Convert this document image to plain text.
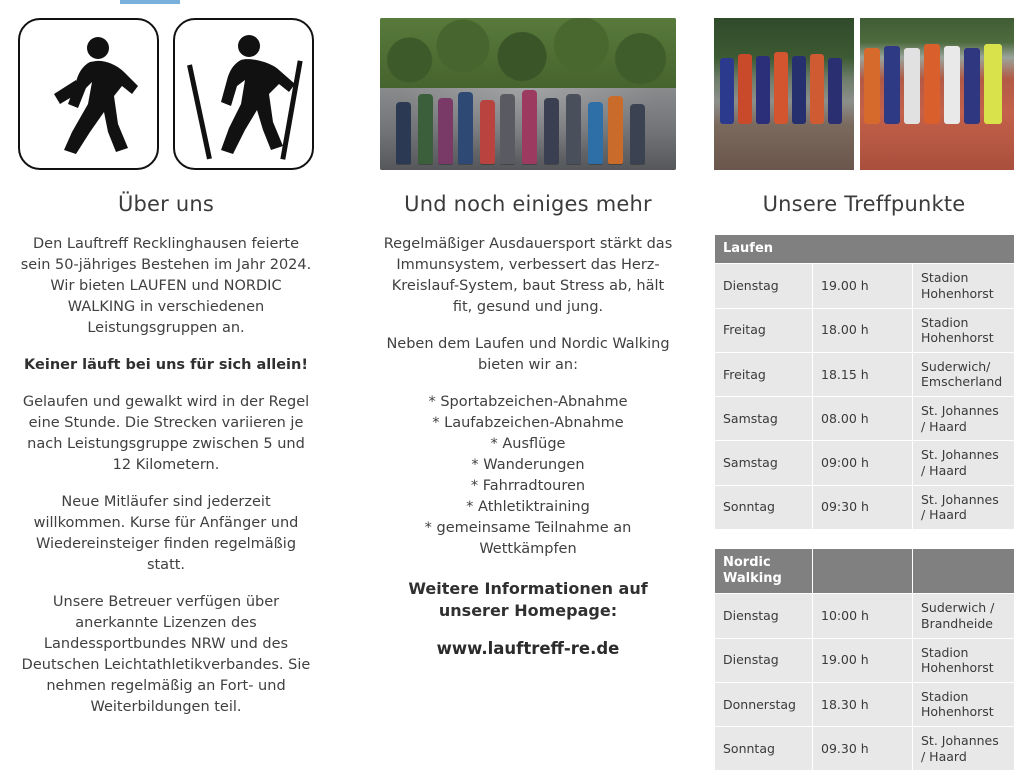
Über uns

Den Lauftreff Recklinghausen feierte sein 50-jähriges Bestehen im Jahr 2024. Wir bieten LAUFEN und NORDIC WALKING in verschiedenen Leistungsgruppen an.

Keiner läuft bei uns für sich allein!

Gelaufen und gewalkt wird in der Regel eine Stunde. Die Strecken variieren je nach Leistungsgruppe zwischen 5 und 12 Kilometern.

Neue Mitläufer sind jederzeit willkommen. Kurse für Anfänger und Wiedereinsteiger finden regelmäßig statt.

Unsere Betreuer verfügen über anerkannte Lizenzen des Landessportbundes NRW und des Deutschen Leichtathletikverbandes. Sie nehmen regelmäßig an Fort- und Weiterbildungen teil.

Und noch einiges mehr

Regelmäßiger Ausdauersport stärkt das Immunsystem, verbessert das Herz-Kreislauf-System, baut Stress ab, hält fit, gesund und jung.

Neben dem Laufen und Nordic Walking bieten wir an:

* Sportabzeichen-Abnahme
* Laufabzeichen-Abnahme
* Ausflüge
* Wanderungen
* Fahrradtouren
* Athletiktraining
* gemeinsame Teilnahme an Wettkämpfen
Weitere Informationen auf unserer Homepage:
www.lauftreff-re.de
Unsere Treffpunkte
Laufen		
Dienstag	19.00 h	Stadion Hohenhorst
Freitag	18.00 h	Stadion Hohenhorst
Freitag	18.15 h	Suderwich/ Emscherland
Samstag	08.00 h	St. Johannes / Haard
Samstag	09:00 h	St. Johannes / Haard
Sonntag	09:30 h	St. Johannes / Haard
Nordic Walking		
Dienstag	10:00 h	Suderwich / Brandheide
Dienstag	19.00 h	Stadion Hohenhorst
Donnerstag	18.30 h	Stadion Hohenhorst
Sonntag	09.30 h	St. Johannes / Haard
